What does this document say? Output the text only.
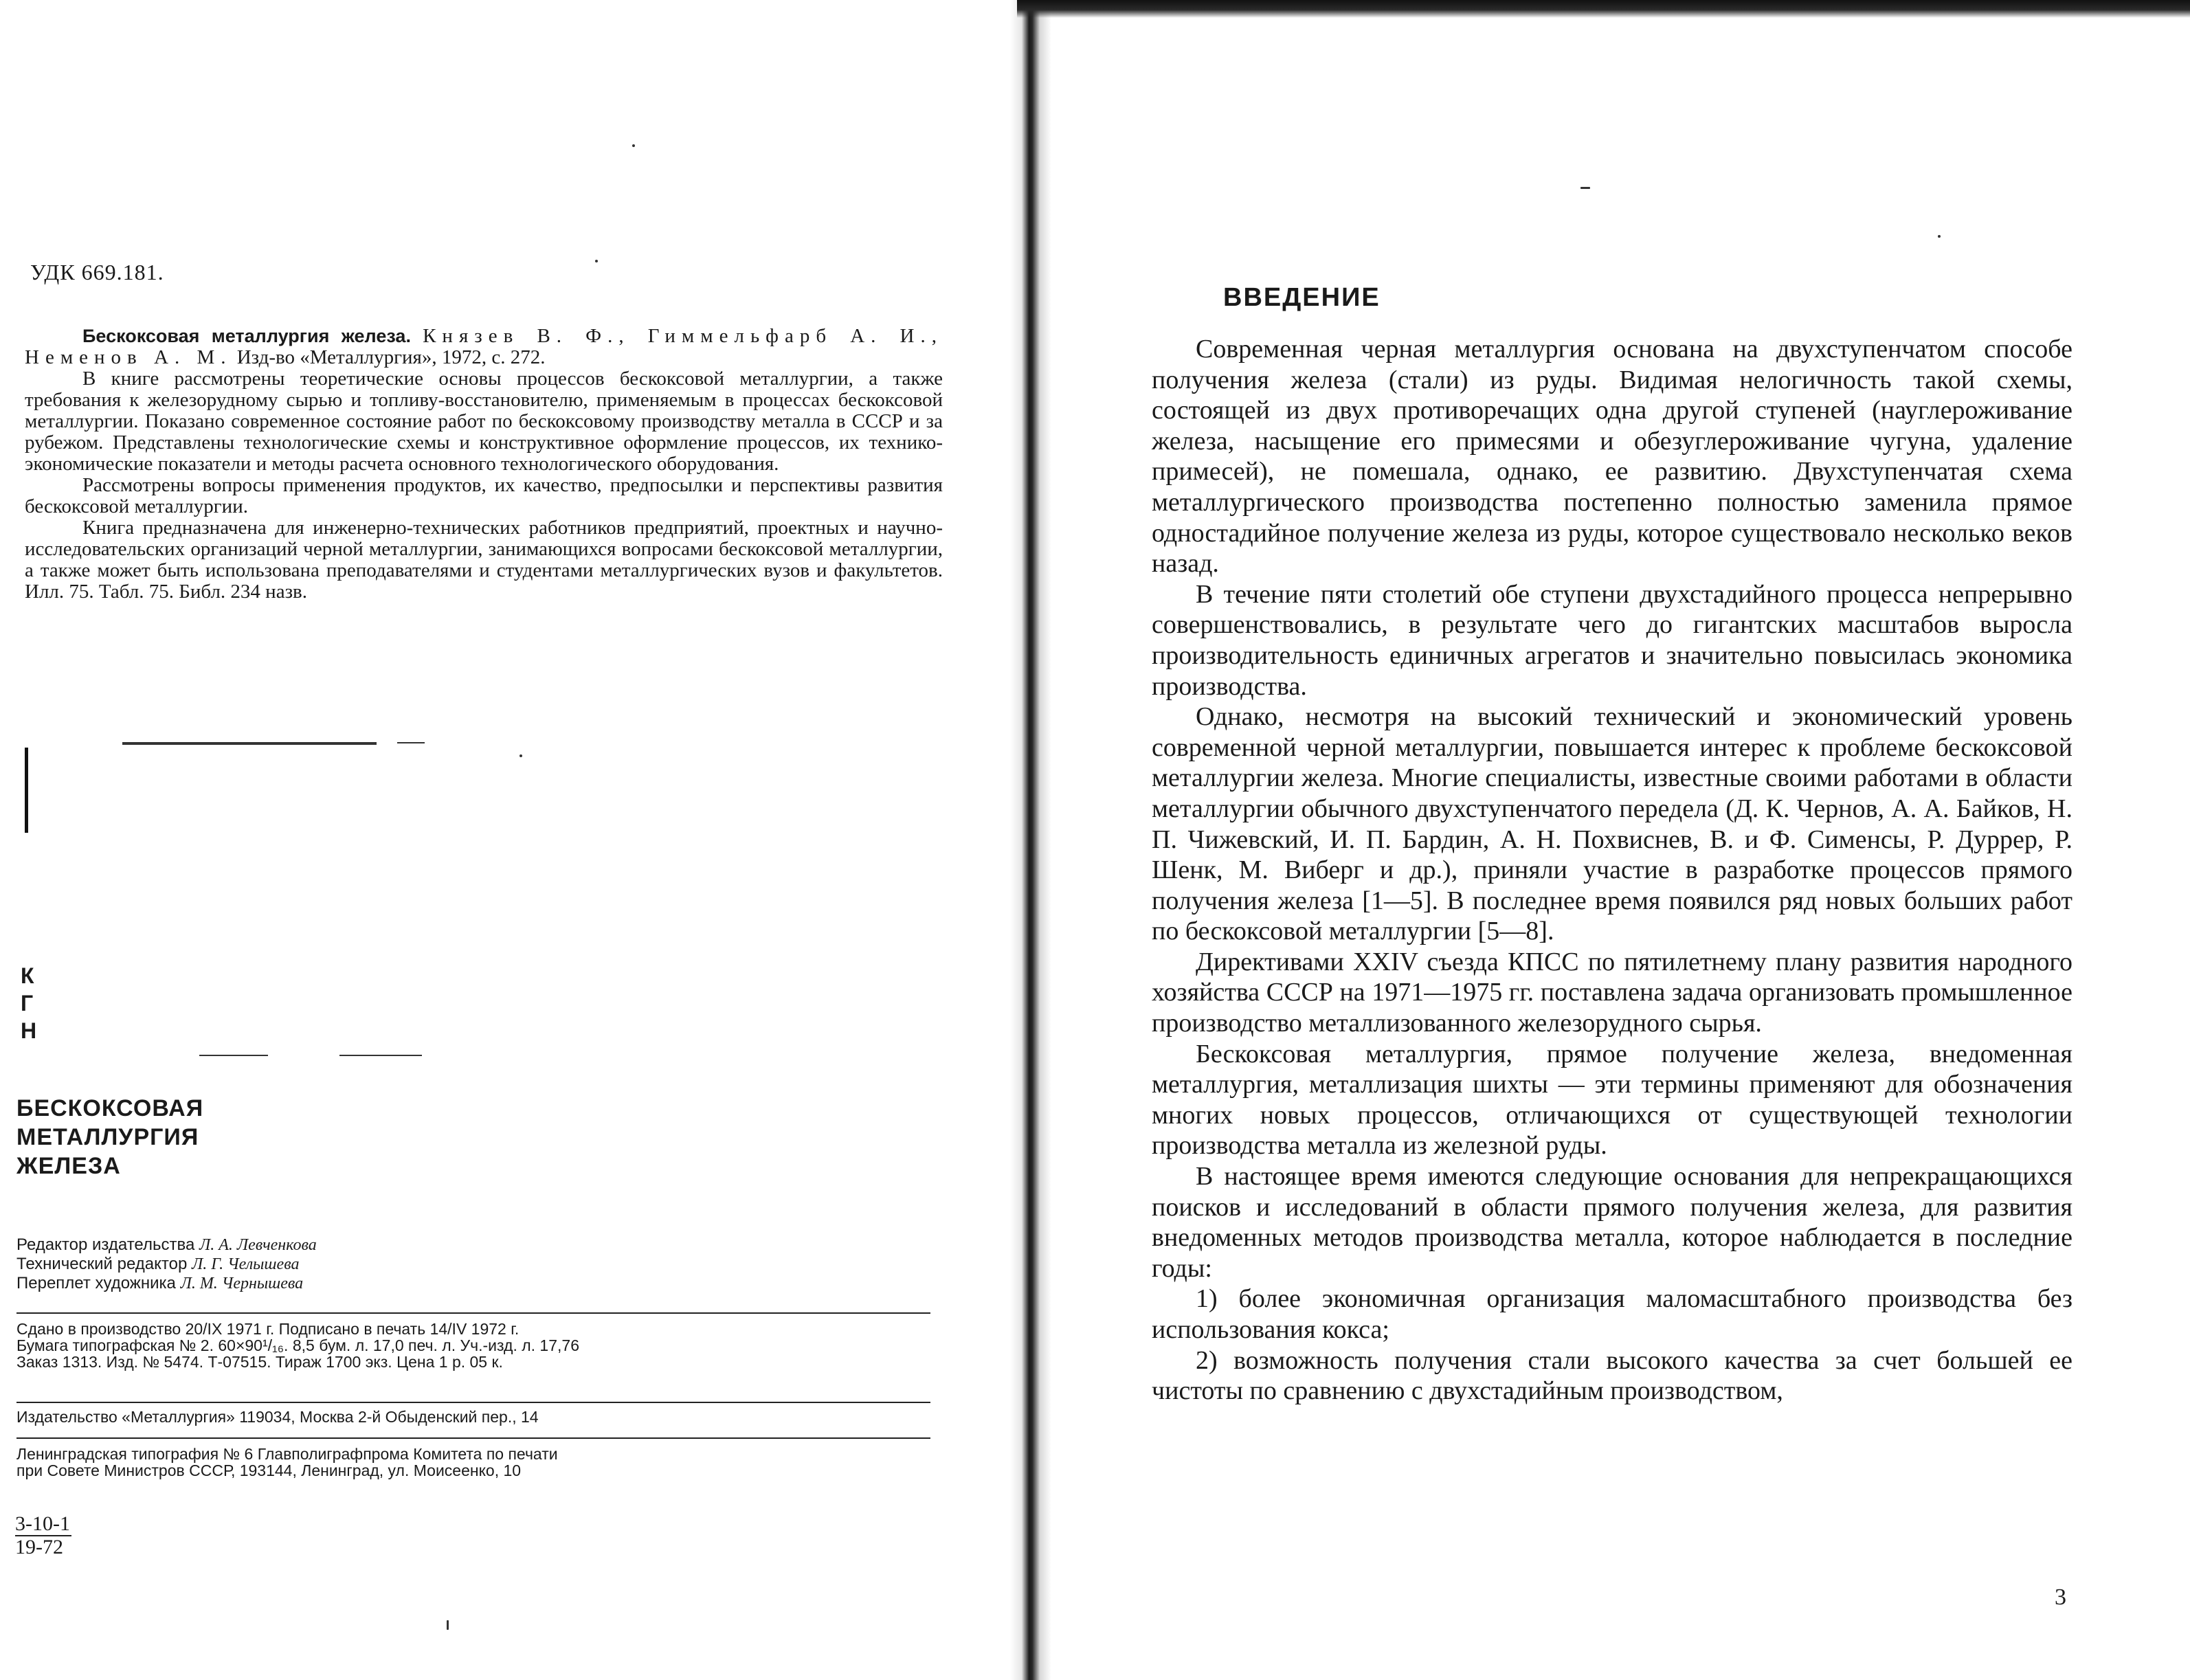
УДК 669.181.

Бескоксовая металлургия железа. Князев В. Ф., Гиммельфарб А. И., Неменов А. М. Изд-во «Металлургия», 1972, с. 272.

В книге рассмотрены теоретические основы процессов бескоксовой металлургии, а также требования к железорудному сырью и топливу-восстановителю, применяемым в процессах бескоксовой металлургии. Показано современное состояние работ по бескоксовому производству металла в СССР и за рубежом. Представлены технологические схемы и конструктивное оформление процессов, их технико-экономические показатели и методы расчета основного технологического оборудования.

Рассмотрены вопросы применения продуктов, их качество, предпосылки и перспективы развития бескоксовой металлургии.

Книга предназначена для инженерно-технических работников предприятий, проектных и научно-исследовательских организаций черной металлургии, занимающихся вопросами бескоксовой металлургии, а также может быть использована преподавателями и студентами металлургических вузов и факультетов. Илл. 75. Табл. 75. Библ. 234 назв.

К
Г
Н
БЕСКОКСОВАЯ
МЕТАЛЛУРГИЯ
ЖЕЛЕЗА
Редактор издательства Л. А. Левченкова
Технический редактор Л. Г. Челышева
Переплет художника Л. М. Чернышева
Сдано в производство 20/IX 1971 г. Подписано в печать 14/IV 1972 г.
Бумага типографская № 2. 60×90¹/₁₆. 8,5 бум. л. 17,0 печ. л. Уч.-изд. л. 17,76
Заказ 1313. Изд. № 5474. Т-07515. Тираж 1700 экз. Цена 1 р. 05 к.
Издательство «Металлургия» 119034, Москва 2-й Обыденский пер., 14
Ленинградская типография № 6 Главполиграфпрома Комитета по печати
при Совете Министров СССР, 193144, Ленинград, ул. Моисеенко, 10
3-10-1
19-72
ВВЕДЕНИЕ

Современная черная металлургия основана на двухступенчатом способе получения железа (стали) из руды. Видимая нелогичность такой схемы, состоящей из двух противоречащих одна другой ступеней (науглероживание железа, насыщение его примесями и обезуглероживание чугуна, удаление примесей), не помешала, однако, ее развитию. Двухступенчатая схема металлургического производства постепенно полностью заменила прямое одностадийное получение железа из руды, которое существовало несколько веков назад.

В течение пяти столетий обе ступени двухстадийного процесса непрерывно совершенствовались, в результате чего до гигантских масштабов выросла производительность единичных агрегатов и значительно повысилась экономика производства.

Однако, несмотря на высокий технический и экономический уровень современной черной металлургии, повышается интерес к проблеме бескоксовой металлургии железа. Многие специалисты, известные своими работами в области металлургии обычного двухступенчатого передела (Д. К. Чернов, А. А. Байков, Н. П. Чижевский, И. П. Бардин, А. Н. Похвиснев, В. и Ф. Сименсы, Р. Дуррер, Р. Шенк, М. Виберг и др.), приняли участие в разработке процессов прямого получения железа [1—5]. В последнее время появился ряд новых больших работ по бескоксовой металлургии [5—8].

Директивами XXIV съезда КПСС по пятилетнему плану развития народного хозяйства СССР на 1971—1975 гг. поставлена задача организовать промышленное производство металлизованного железорудного сырья.

Бескоксовая металлургия, прямое получение железа, внедоменная металлургия, металлизация шихты — эти термины применяют для обозначения многих новых процессов, отличающихся от существующей технологии производства металла из железной руды.

В настоящее время имеются следующие основания для непрекращающихся поисков и исследований в области прямого получения железа, для развития внедоменных методов производства металла, которое наблюдается в последние годы:

1) более экономичная организация маломасштабного производства без использования кокса;

2) возможность получения стали высокого качества за счет большей ее чистоты по сравнению с двухстадийным производством,

3
